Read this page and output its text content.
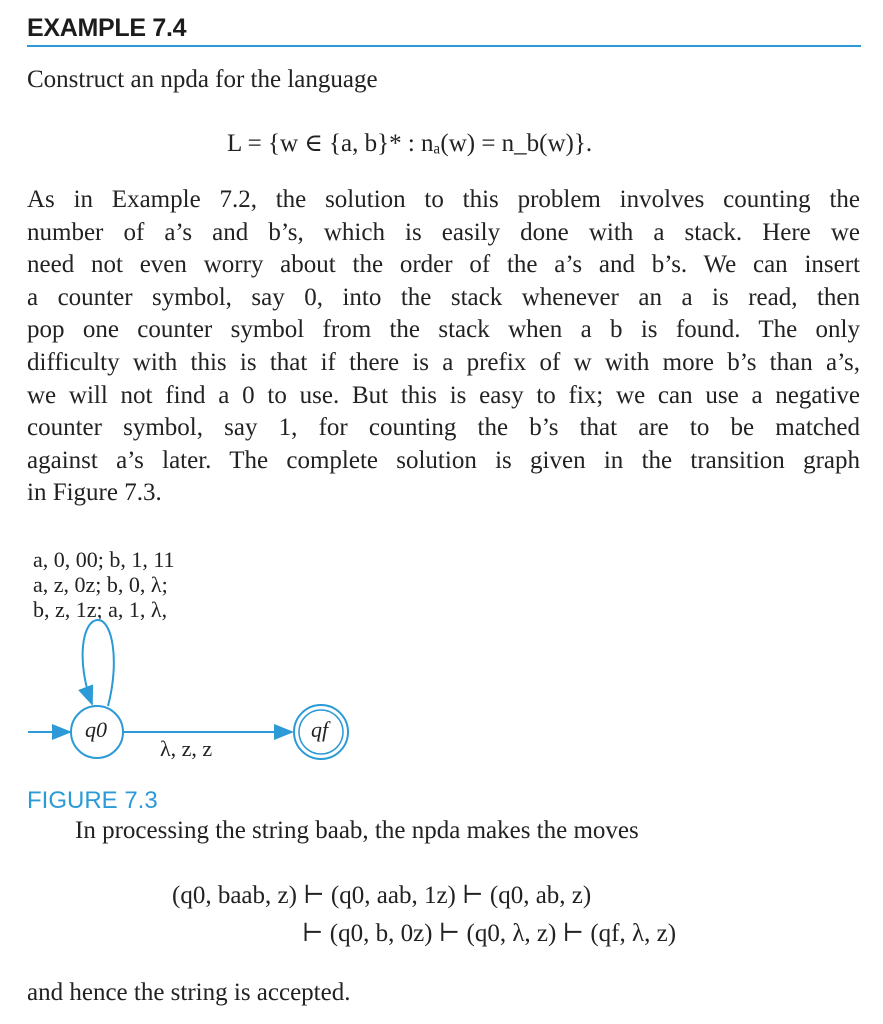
EXAMPLE 7.4
Construct an npda for the language
L = {w ∈ {a, b}* : nₐ(w) = n_b(w)}.
As in Example 7.2, the solution to this problem involves counting the
number of a’s and b’s, which is easily done with a stack. Here we
need not even worry about the order of the a’s and b’s. We can insert
a counter symbol, say 0, into the stack whenever an a is read, then
pop one counter symbol from the stack when a b is found. The only
difficulty with this is that if there is a prefix of w with more b’s than a’s,
we will not find a 0 to use. But this is easy to fix; we can use a negative
counter symbol, say 1, for counting the b’s that are to be matched
against a’s later. The complete solution is given in the transition graph
in Figure 7.3.
a, 0, 00; b, 1, 11
a, z, 0z; b, 0, λ;
b, z, 1z; a, 1, λ,
q0	qf
λ, z, z
FIGURE 7.3
In processing the string baab, the npda makes the moves
(q0, baab, z) ⊢ (q0, aab, 1z) ⊢ (q0, ab, z)
⊢ (q0, b, 0z) ⊢ (q0, λ, z) ⊢ (qf, λ, z)
and hence the string is accepted.
